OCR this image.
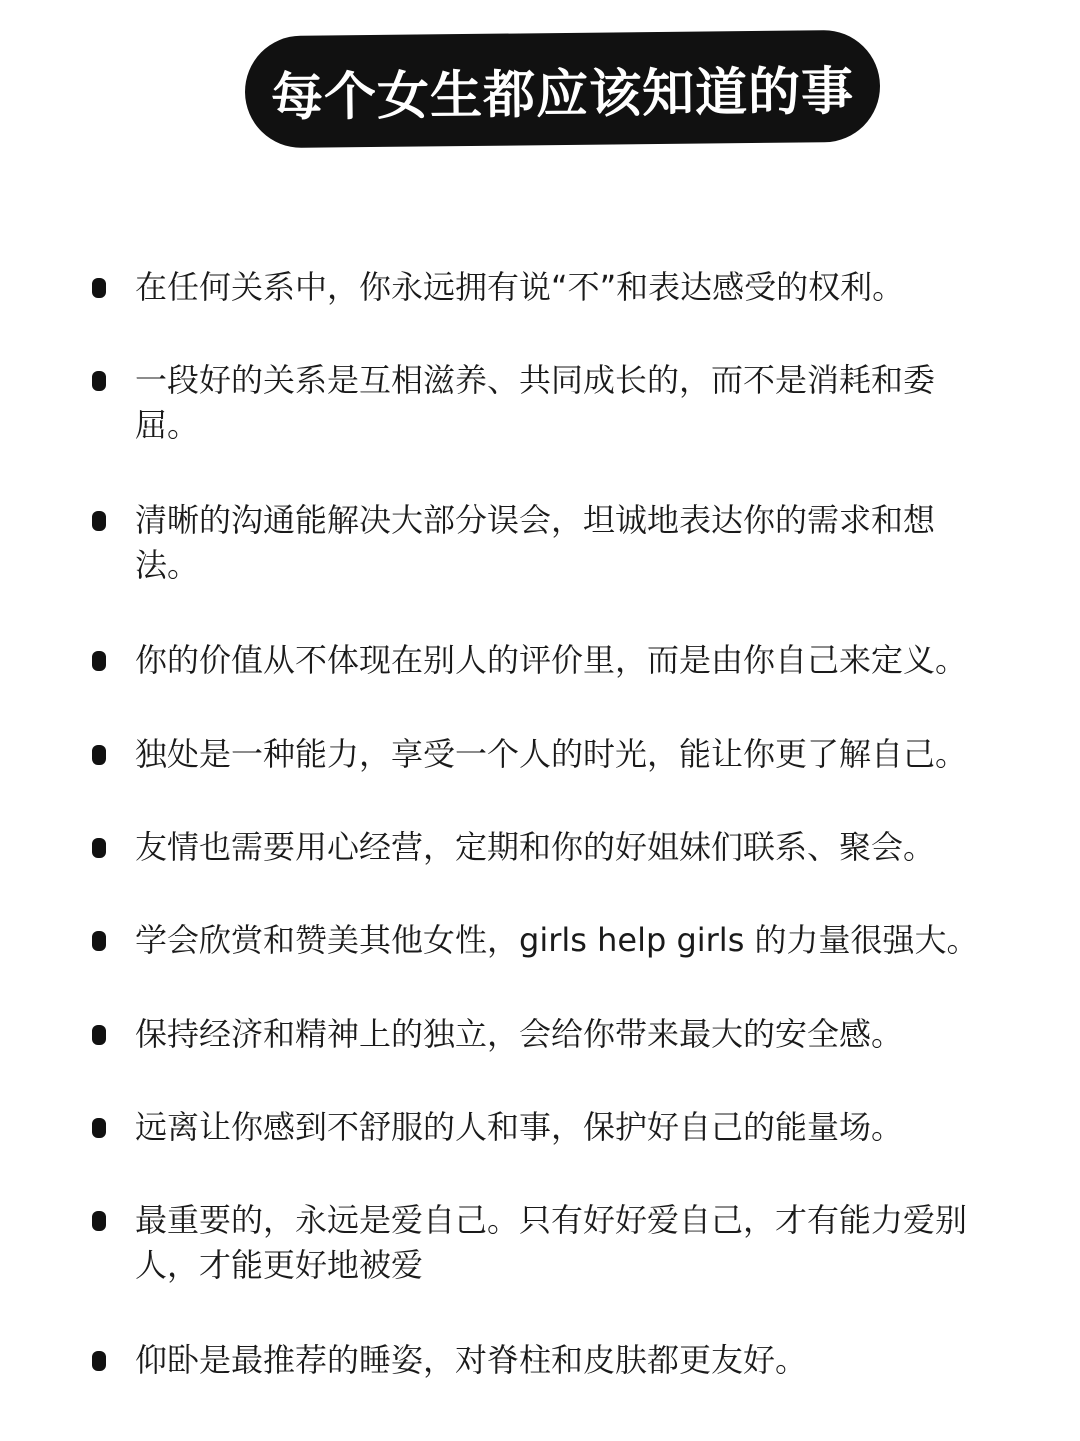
每个女生都应该知道的事
在任何关系中，你永远拥有说“不”和表达感受的权利。
一段好的关系是互相滋养、共同成长的，而不是消耗和委屈。
清晰的沟通能解决大部分误会，坦诚地表达你的需求和想法。
你的价值从不体现在别人的评价里，而是由你自己来定义。
独处是一种能力，享受一个人的时光，能让你更了解自己。
友情也需要用心经营，定期和你的好姐妹们联系、聚会。
学会欣赏和赞美其他女性，girls help girls 的力量很强大。
保持经济和精神上的独立，会给你带来最大的安全感。
远离让你感到不舒服的人和事，保护好自己的能量场。
最重要的，永远是爱自己。只有好好爱自己，才有能力爱别人，才能更好地被爱
仰卧是最推荐的睡姿，对脊柱和皮肤都更友好。
